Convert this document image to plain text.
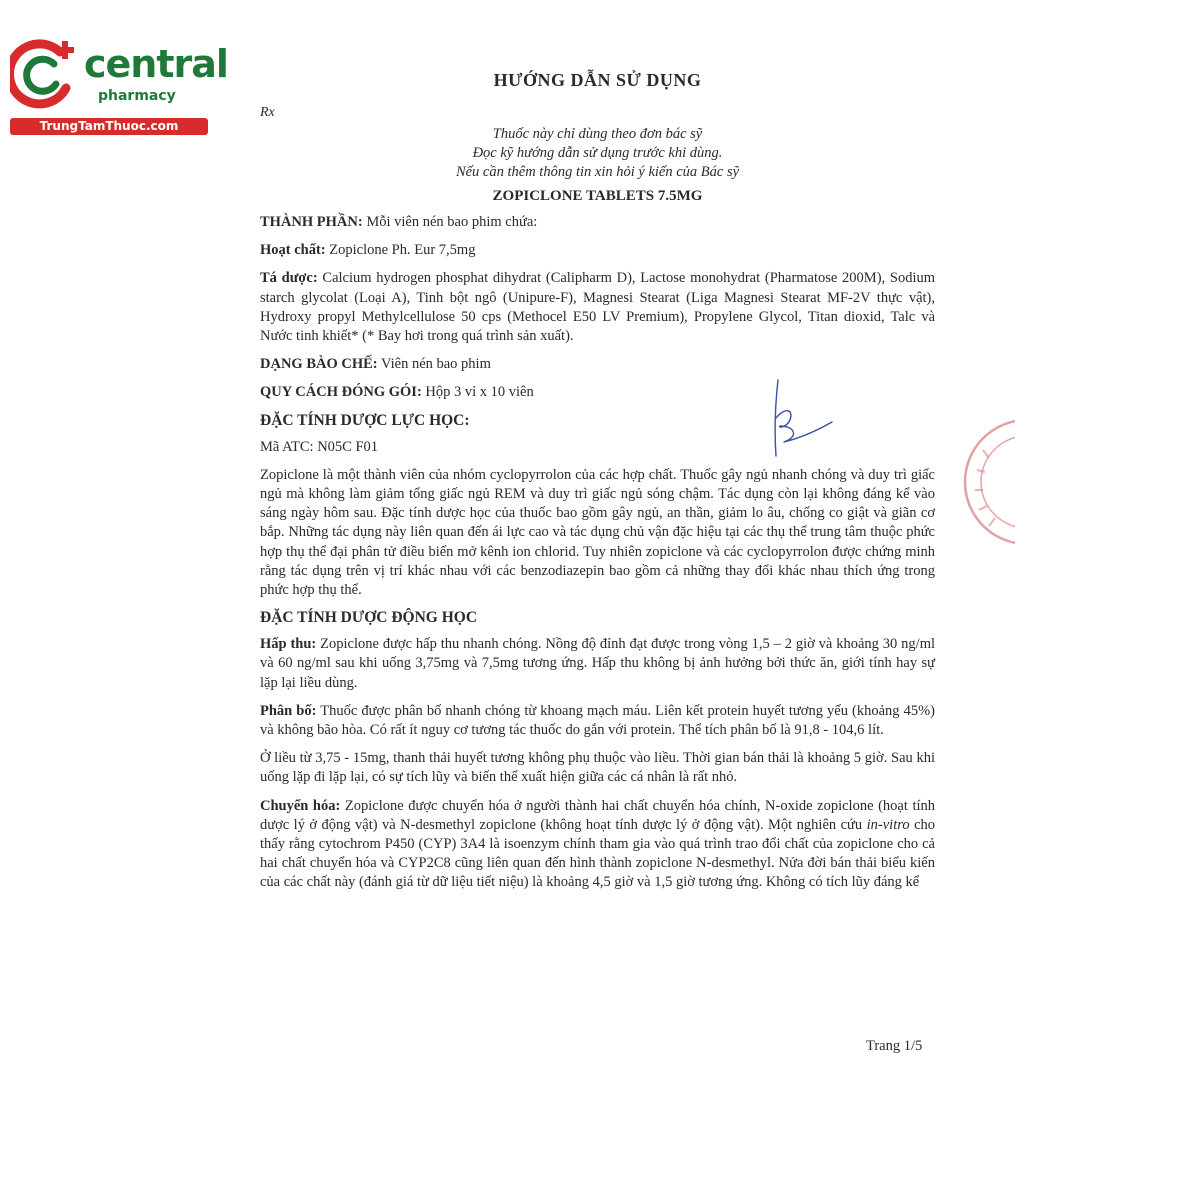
central
pharmacy
TrungTamThuoc.com
HƯỚNG DẪN SỬ DỤNG
Rx
Thuốc này chỉ dùng theo đơn bác sỹ
Đọc kỹ hướng dẫn sử dụng trước khi dùng.
Nếu cần thêm thông tin xin hỏi ý kiến của Bác sỹ
ZOPICLONE TABLETS 7.5MG

THÀNH PHẦN: Mỗi viên nén bao phim chứa:

Hoạt chất: Zopiclone Ph. Eur 7,5mg

Tá dược: Calcium hydrogen phosphat dihydrat (Calipharm D), Lactose monohydrat (Pharmatose 200M), Sodium starch glycolat (Loại A), Tinh bột ngô (Unipure-F), Magnesi Stearat (Liga Magnesi Stearat MF-2V thực vật), Hydroxy propyl Methylcellulose 50 cps (Methocel E50 LV Premium), Propylene Glycol, Titan dioxid, Talc và Nước tinh khiết* (* Bay hơi trong quá trình sản xuất).

DẠNG BÀO CHẾ: Viên nén bao phim

QUY CÁCH ĐÓNG GÓI: Hộp 3 vỉ x 10 viên

ĐẶC TÍNH DƯỢC LỰC HỌC:

Mã ATC: N05C F01

Zopiclone là một thành viên của nhóm cyclopyrrolon của các hợp chất. Thuốc gây ngủ nhanh chóng và duy trì giấc ngủ mà không làm giảm tổng giấc ngủ REM và duy trì giấc ngủ sóng chậm. Tác dụng còn lại không đáng kể vào sáng ngày hôm sau. Đặc tính dược học của thuốc bao gồm gây ngủ, an thần, giảm lo âu, chống co giật và giãn cơ bắp. Những tác dụng này liên quan đến ái lực cao và tác dụng chủ vận đặc hiệu tại các thụ thể trung tâm thuộc phức hợp thụ thể đại phân tử điều biến mở kênh ion chlorid. Tuy nhiên zopiclone và các cyclopyrrolon được chứng minh rằng tác dụng trên vị trí khác nhau với các benzodiazepin bao gồm cả những thay đổi khác nhau thích ứng trong phức hợp thụ thể.

ĐẶC TÍNH DƯỢC ĐỘNG HỌC

Hấp thu: Zopiclone được hấp thu nhanh chóng. Nồng độ đỉnh đạt được trong vòng 1,5 – 2 giờ và khoảng 30 ng/ml và 60 ng/ml sau khi uống 3,75mg và 7,5mg tương ứng. Hấp thu không bị ảnh hưởng bởi thức ăn, giới tính hay sự lặp lại liều dùng.

Phân bố: Thuốc được phân bố nhanh chóng từ khoang mạch máu. Liên kết protein huyết tương yếu (khoảng 45%) và không bão hòa. Có rất ít nguy cơ tương tác thuốc do gắn với protein. Thể tích phân bố là 91,8 - 104,6 lít.

Ở liều từ 3,75 - 15mg, thanh thải huyết tương không phụ thuộc vào liều. Thời gian bán thải là khoảng 5 giờ. Sau khi uống lặp đi lặp lại, có sự tích lũy và biến thể xuất hiện giữa các cá nhân là rất nhỏ.

Chuyển hóa: Zopiclone được chuyển hóa ở người thành hai chất chuyển hóa chính, N-oxide zopiclone (hoạt tính dược lý ở động vật) và N-desmethyl zopiclone (không hoạt tính dược lý ở động vật). Một nghiên cứu in-vitro cho thấy rằng cytochrom P450 (CYP) 3A4 là isoenzym chính tham gia vào quá trình trao đổi chất của zopiclone cho cả hai chất chuyển hóa và CYP2C8 cũng liên quan đến hình thành zopiclone N-desmethyl. Nửa đời bán thải biểu kiến của các chất này (đánh giá từ dữ liệu tiết niệu) là khoảng 4,5 giờ và 1,5 giờ tương ứng. Không có tích lũy đáng kể

Trang 1/5
